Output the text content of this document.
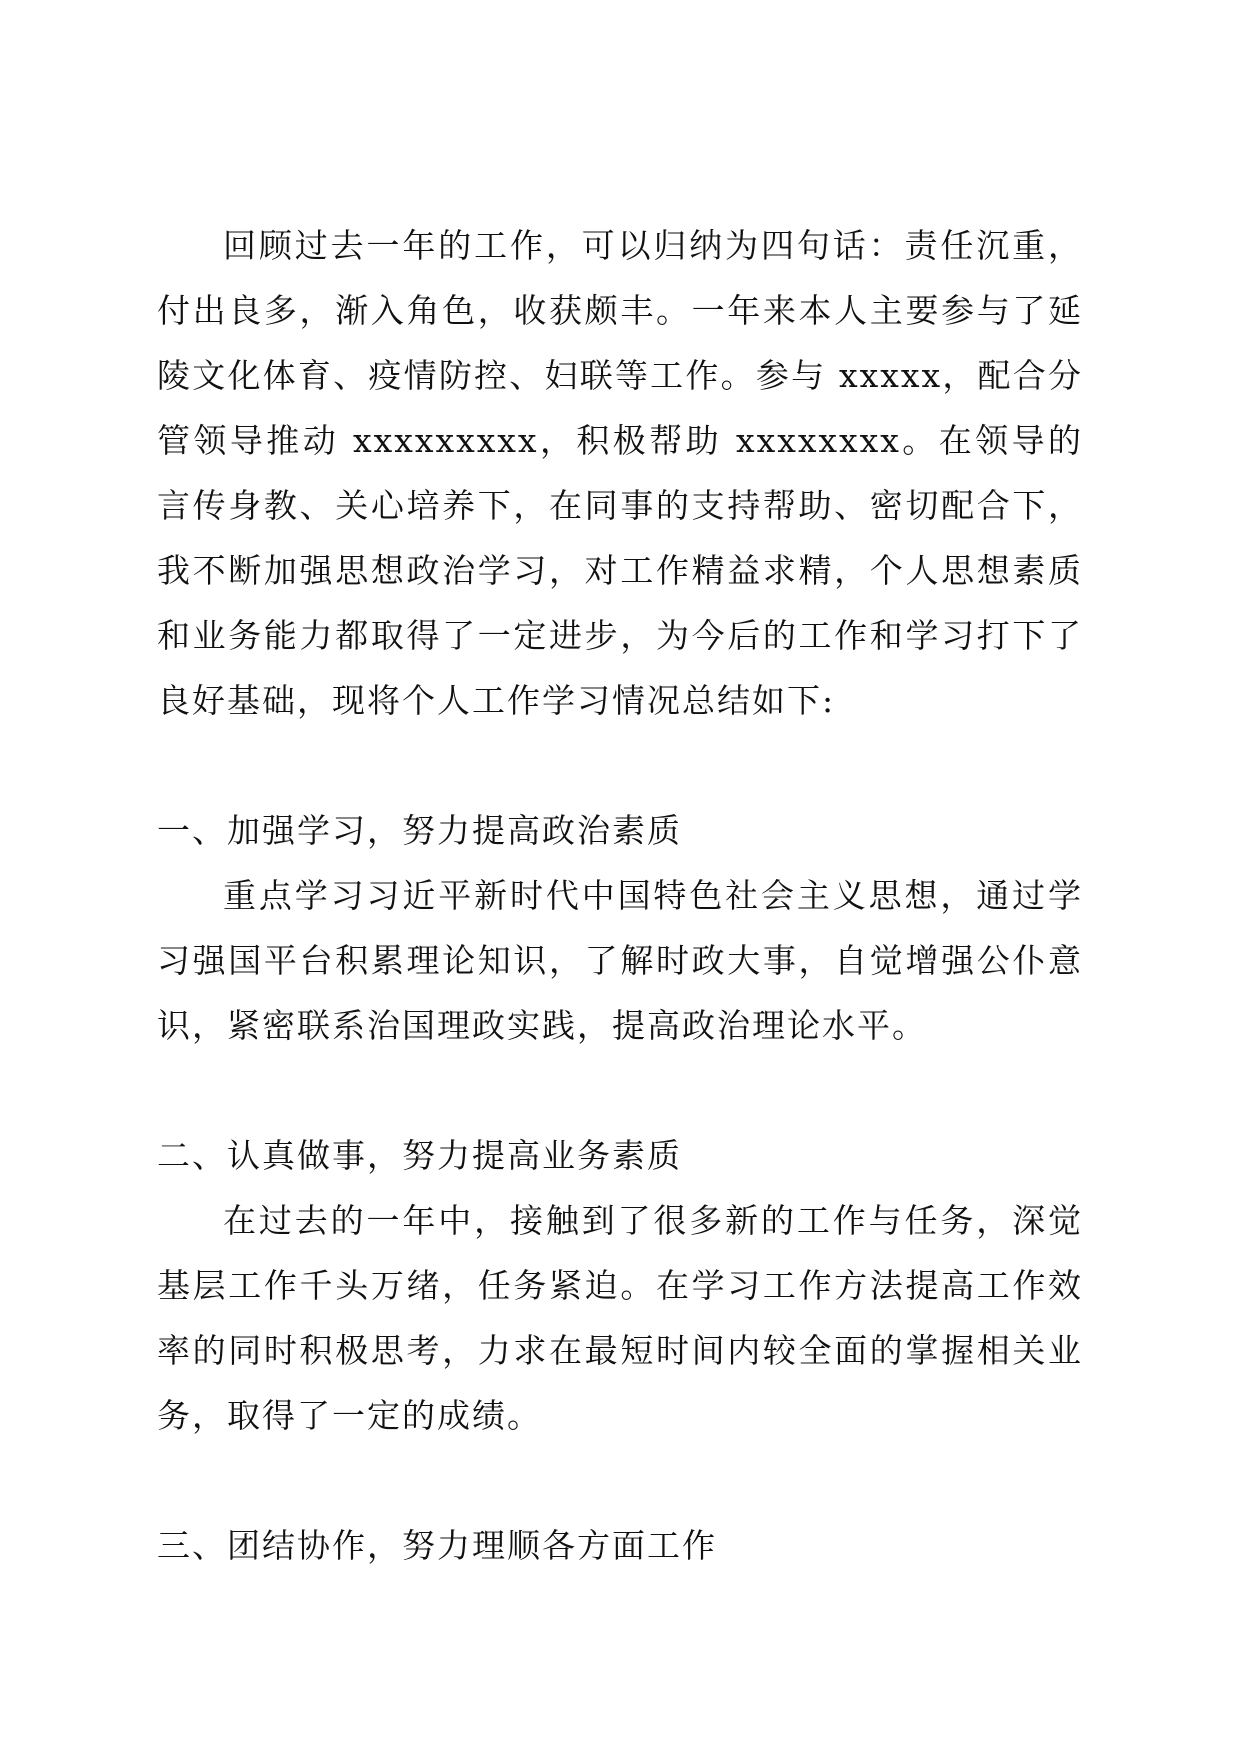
回顾过去一年的工作，可以归纳为四句话：责任沉重，付出良多，渐入角色，收获颇丰。一年来本人主要参与了延陵文化体育、疫情防控、妇联等工作。参与 xxxxx，配合分管领导推动 xxxxxxxxx，积极帮助 xxxxxxxx。在领导的言传身教、关心培养下，在同事的支持帮助、密切配合下，我不断加强思想政治学习，对工作精益求精，个人思想素质和业务能力都取得了一定进步，为今后的工作和学习打下了良好基础，现将个人工作学习情况总结如下:

一、加强学习，努力提高政治素质

重点学习习近平新时代中国特色社会主义思想，通过学习强国平台积累理论知识，了解时政大事，自觉增强公仆意识，紧密联系治国理政实践，提高政治理论水平。

二、认真做事，努力提高业务素质

在过去的一年中，接触到了很多新的工作与任务，深觉基层工作千头万绪，任务紧迫。在学习工作方法提高工作效率的同时积极思考，力求在最短时间内较全面的掌握相关业务，取得了一定的成绩。

三、团结协作，努力理顺各方面工作
